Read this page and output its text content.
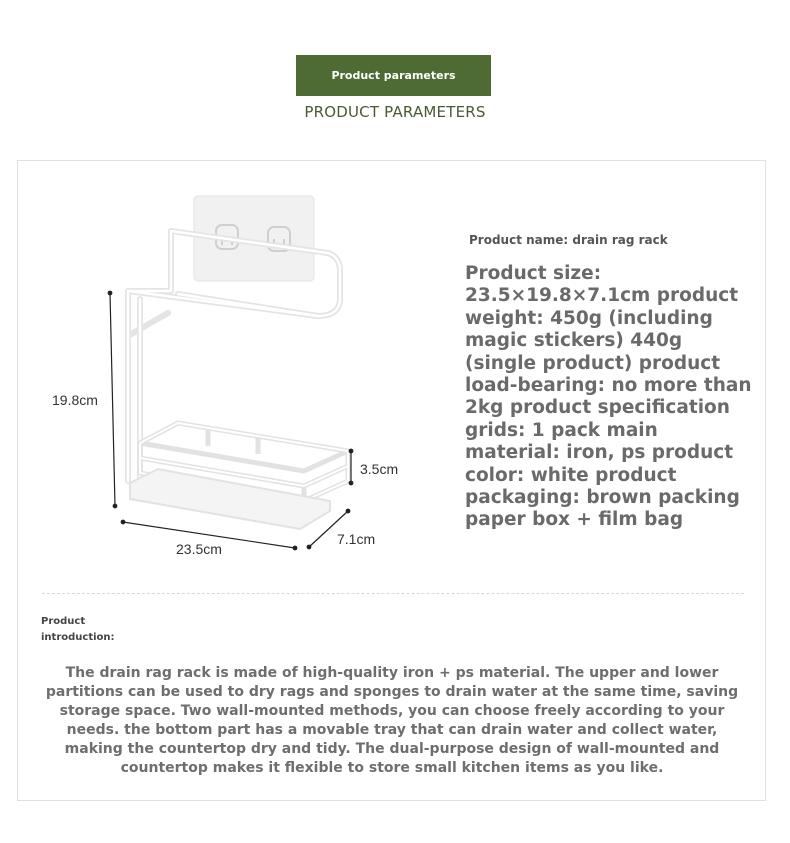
Product parameters
PRODUCT PARAMETERS
19.8cm
23.5cm
7.1cm
3.5cm
Product name: drain rag rack
Product size: 23.5×19.8×7.1cm product weight: 450g (including magic stickers) 440g (single product) product load-bearing: no more than 2kg product specification grids: 1 pack main material: iron, ps product color: white product packaging: brown packing paper box + film bag
Product introduction:
The drain rag rack is made of high-quality iron + ps material. The upper and lower partitions can be used to dry rags and sponges to drain water at the same time, saving storage space. Two wall-mounted methods, you can choose freely according to your needs. the bottom part has a movable tray that can drain water and collect water, making the countertop dry and tidy. The dual-purpose design of wall-mounted and countertop makes it flexible to store small kitchen items as you like.
